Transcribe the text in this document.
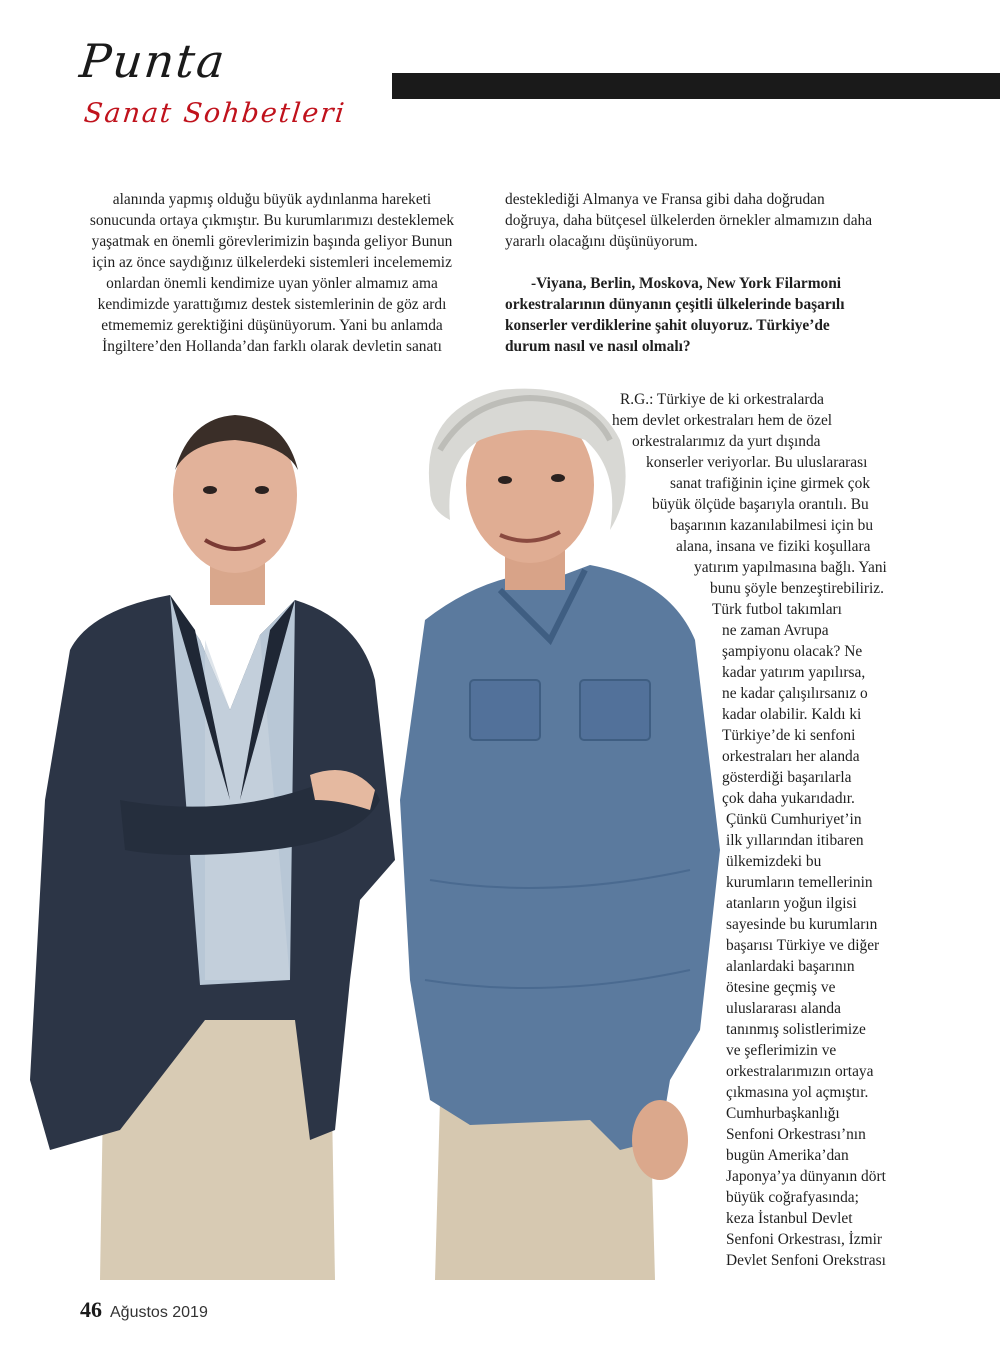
Punta
Sanat Sohbetleri

alanında yapmış olduğu büyük aydınlanma hareketi

sonucunda ortaya çıkmıştır. Bu kurumlarımızı desteklemek

yaşatmak en önemli görevlerimizin başında geliyor Bunun

için az önce saydığınız ülkelerdeki sistemleri incelememiz

onlardan önemli kendimize uyan yönler almamız ama

kendimizde yarattığımız destek sistemlerinin de göz ardı

etmememiz gerektiğini düşünüyorum. Yani bu anlamda

İngiltere’den Hollanda’dan farklı olarak devletin sanatı

desteklediği Almanya ve Fransa gibi daha doğrudan

doğruya, daha bütçesel ülkelerden örnekler almamızın daha

yararlı olacağını düşünüyorum.

-Viyana, Berlin, Moskova, New York Filarmoni

orkestralarının dünyanın çeşitli ülkelerinde başarılı

konserler verdiklerine şahit oluyoruz. Türkiye’de

durum nasıl ve nasıl olmalı?

R.G.: Türkiye de ki orkestralarda
hem devlet orkestraları hem de özel
orkestralarımız da yurt dışında
konserler veriyorlar. Bu uluslararası
sanat trafiğinin içine girmek çok
büyük ölçüde başarıyla orantılı. Bu
başarının kazanılabilmesi için bu
alana, insana ve fiziki koşullara
yatırım yapılmasına bağlı. Yani
bunu şöyle benzeştirebiliriz.
Türk futbol takımları
ne zaman Avrupa
şampiyonu olacak? Ne
kadar yatırım yapılırsa,
ne kadar çalışılırsanız o
kadar olabilir. Kaldı ki
Türkiye’de ki senfoni
orkestraları her alanda
gösterdiği başarılarla
çok daha yukarıdadır.
Çünkü Cumhuriyet’in
ilk yıllarından itibaren
ülkemizdeki bu
kurumların temellerinin
atanların yoğun ilgisi
sayesinde bu kurumların
başarısı Türkiye ve diğer
alanlardaki başarının
ötesine geçmiş ve
uluslararası alanda
tanınmış solistlerimize
ve şeflerimizin ve
orkestralarımızın ortaya
çıkmasına yol açmıştır.
Cumhurbaşkanlığı
Senfoni Orkestrası’nın
bugün Amerika’dan
Japonya’ya dünyanın dört
büyük coğrafyasında;
keza İstanbul Devlet
Senfoni Orkestrası, İzmir
Devlet Senfoni Orekstrası
46 Ağustos 2019
